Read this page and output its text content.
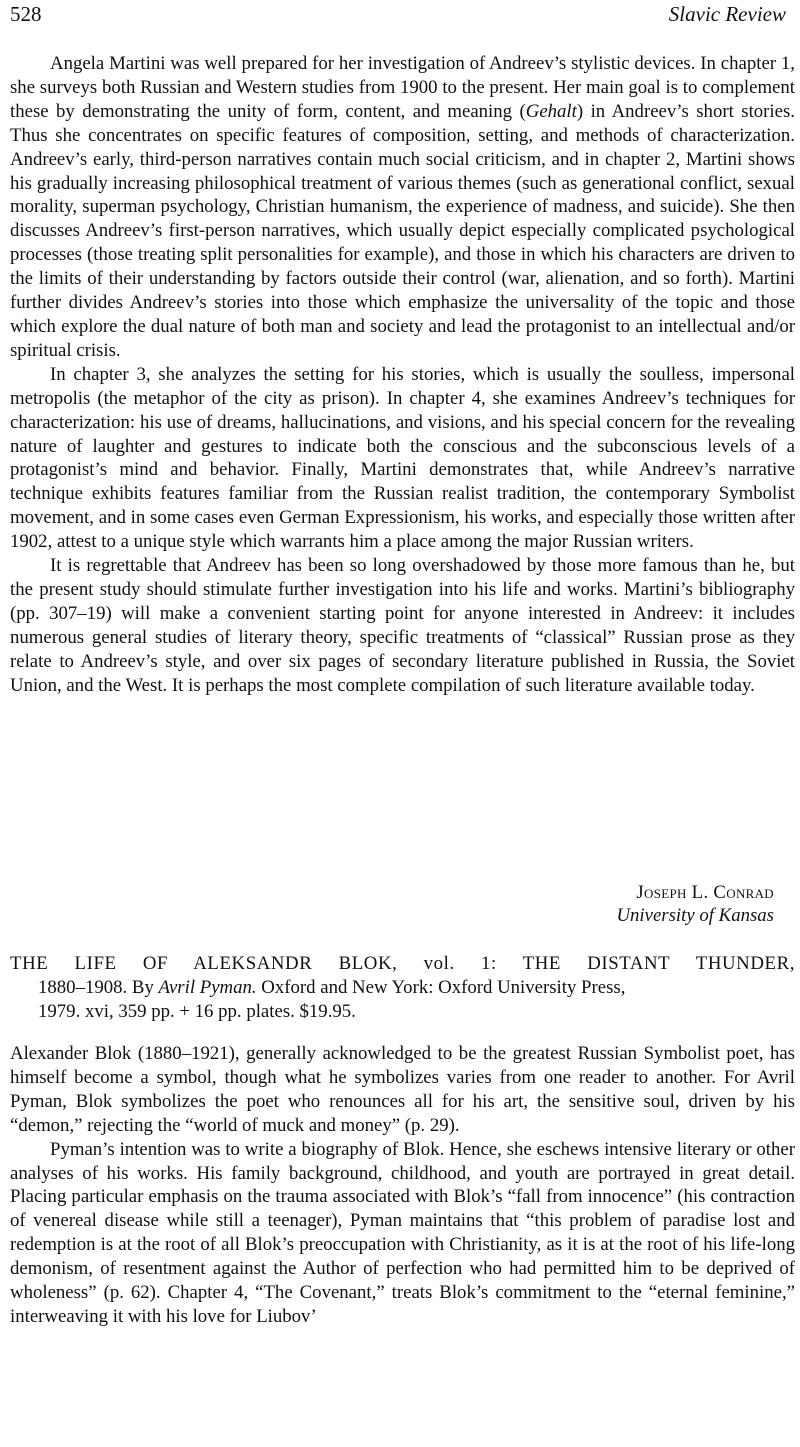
528	Slavic Review

Angela Martini was well prepared for her investigation of Andreev’s stylistic devices. In chapter 1, she surveys both Russian and Western studies from 1900 to the present. Her main goal is to complement these by demonstrating the unity of form, content, and meaning (Gehalt) in Andreev’s short stories. Thus she concentrates on specific features of composition, setting, and methods of characterization. Andreev’s early, third-person narratives contain much social criticism, and in chapter 2, Martini shows his gradually increasing philosophical treatment of various themes (such as generational conflict, sexual morality, superman psychology, Christian humanism, the experience of madness, and suicide). She then discusses Andreev’s first-person narratives, which usually depict especially complicated psychological processes (those treating split personalities for example), and those in which his characters are driven to the limits of their understanding by factors outside their control (war, alienation, and so forth). Martini further divides Andreev’s stories into those which emphasize the universality of the topic and those which explore the dual nature of both man and society and lead the protagonist to an intellectual and/or spiritual crisis.

In chapter 3, she analyzes the setting for his stories, which is usually the soulless, impersonal metropolis (the metaphor of the city as prison). In chapter 4, she examines Andreev’s techniques for characterization: his use of dreams, hallucinations, and visions, and his special concern for the revealing nature of laughter and gestures to indicate both the conscious and the subconscious levels of a protagonist’s mind and behavior. Finally, Martini demonstrates that, while Andreev’s narrative technique exhibits features familiar from the Russian realist tradition, the contemporary Symbolist movement, and in some cases even German Expressionism, his works, and especially those written after 1902, attest to a unique style which warrants him a place among the major Russian writers.

It is regrettable that Andreev has been so long overshadowed by those more famous than he, but the present study should stimulate further investigation into his life and works. Martini’s bibliography (pp. 307–19) will make a convenient starting point for anyone interested in Andreev: it includes numerous general studies of literary theory, specific treatments of “classical” Russian prose as they relate to Andreev’s style, and over six pages of secondary literature published in Russia, the Soviet Union, and the West. It is perhaps the most complete compilation of such literature available today.

Joseph L. Conrad
University of Kansas
THE LIFE OF ALEKSANDR BLOK, vol. 1: THE DISTANT THUNDER,
1880–1908. By Avril Pyman. Oxford and New York: Oxford University Press,
1979. xvi, 359 pp. + 16 pp. plates. $19.95.

Alexander Blok (1880–1921), generally acknowledged to be the greatest Russian Symbolist poet, has himself become a symbol, though what he symbolizes varies from one reader to another. For Avril Pyman, Blok symbolizes the poet who renounces all for his art, the sensitive soul, driven by his “demon,” rejecting the “world of muck and money” (p. 29).

Pyman’s intention was to write a biography of Blok. Hence, she eschews intensive literary or other analyses of his works. His family background, childhood, and youth are portrayed in great detail. Placing particular emphasis on the trauma associated with Blok’s “fall from innocence” (his contraction of venereal disease while still a teenager), Pyman maintains that “this problem of paradise lost and redemption is at the root of all Blok’s preoccupation with Christianity, as it is at the root of his life-long demonism, of resentment against the Author of perfection who had permitted him to be deprived of wholeness” (p. 62). Chapter 4, “The Covenant,” treats Blok’s commitment to the “eternal feminine,” interweaving it with his love for Liubov’
